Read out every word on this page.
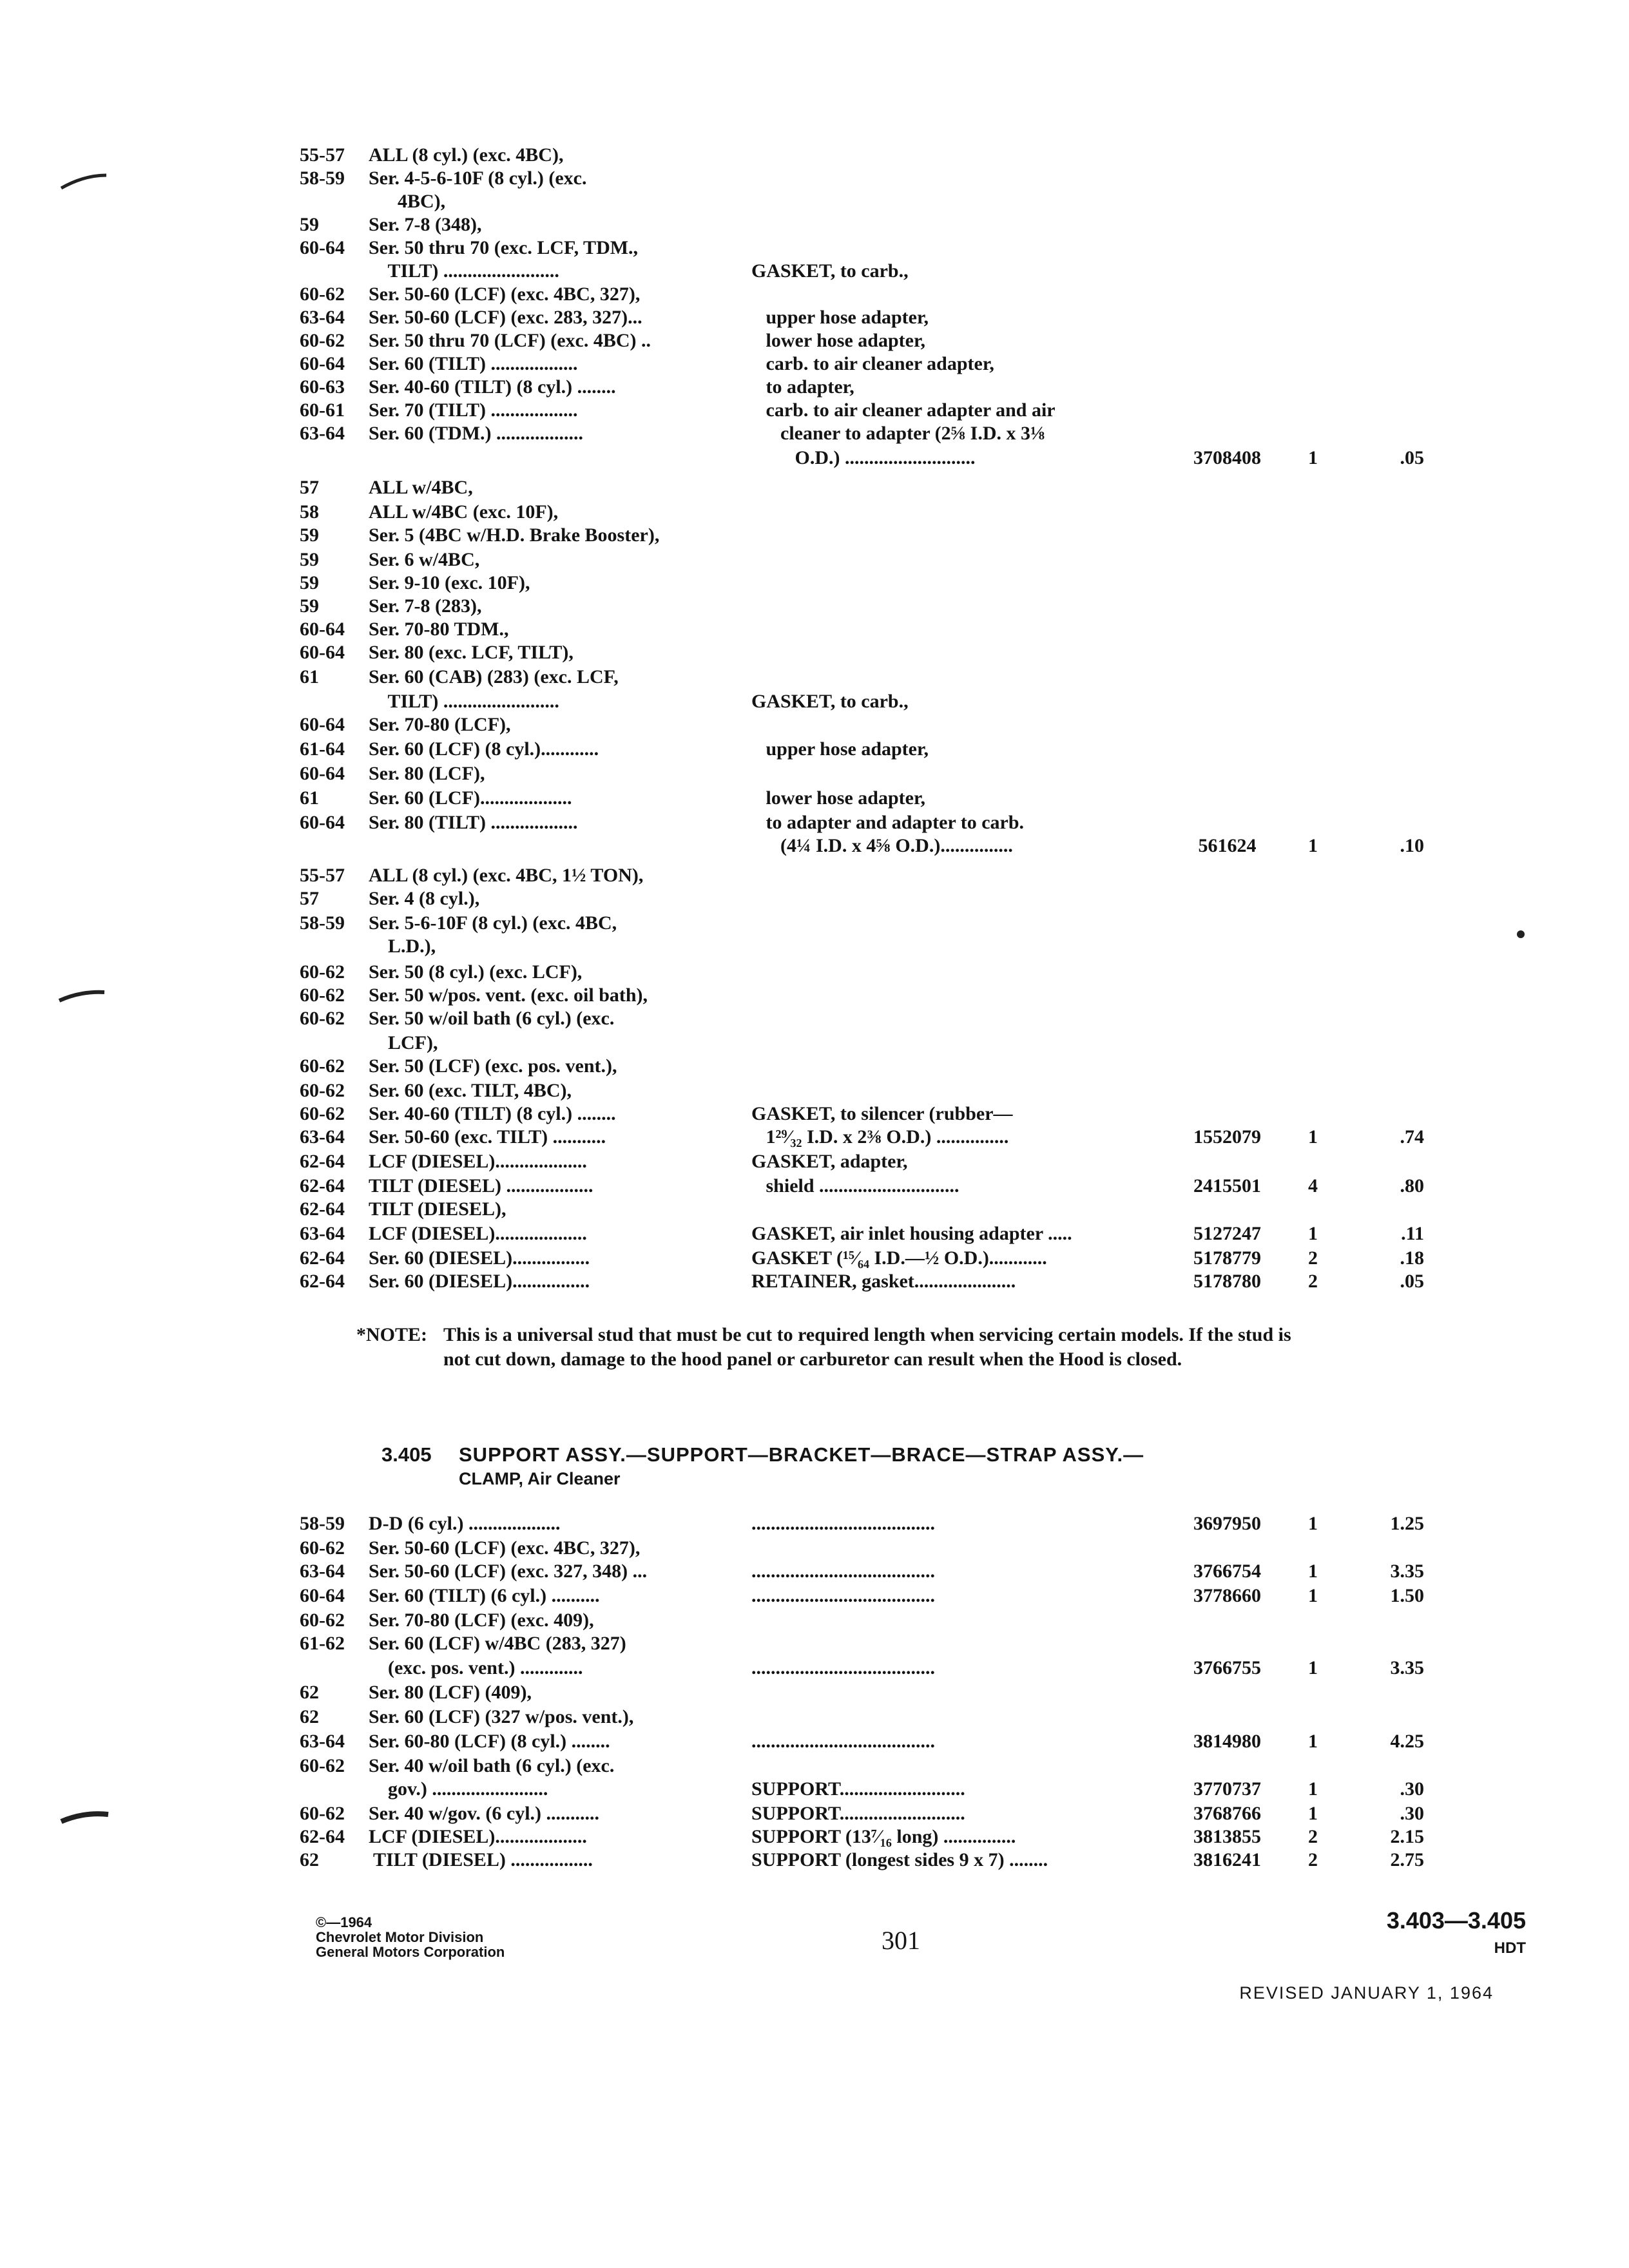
55-57 ALL (8 cyl.) (exc. 4BC),
58-59 Ser. 4-5-6-10F (8 cyl.) (exc.
4BC),
59	Ser. 7-8 (348),
60-64 Ser. 50 thru 70 (exc. LCF, TDM.,
TILT) ........................	GASKET, to carb.,
60-62 Ser. 50-60 (LCF) (exc. 4BC, 327),
63-64 Ser. 50-60 (LCF) (exc. 283, 327)...	upper hose adapter,
60-62 Ser. 50 thru 70 (LCF) (exc. 4BC) ..	lower hose adapter,
60-64 Ser. 60 (TILT) ..................	carb. to air cleaner adapter,
60-63 Ser. 40-60 (TILT) (8 cyl.) ........	to adapter,
60-61 Ser. 70 (TILT) ..................	carb. to air cleaner adapter and air
63-64 Ser. 60 (TDM.) ..................	cleaner to adapter (2⅝ I.D. x 3⅛
O.D.) ...........................	3708408 1	.05
57	ALL w/4BC,
58	ALL w/4BC (exc. 10F),
59	Ser. 5 (4BC w/H.D. Brake Booster),
59	Ser. 6 w/4BC,
59	Ser. 9-10 (exc. 10F),
59	Ser. 7-8 (283),
60-64 Ser. 70-80 TDM.,
60-64 Ser. 80 (exc. LCF, TILT),
61	Ser. 60 (CAB) (283) (exc. LCF,
TILT) ........................	GASKET, to carb.,
60-64 Ser. 70-80 (LCF),
61-64 Ser. 60 (LCF) (8 cyl.)............	upper hose adapter,
60-64 Ser. 80 (LCF),
61	Ser. 60 (LCF)...................	lower hose adapter,
60-64 Ser. 80 (TILT) ..................	to adapter and adapter to carb.
(4¼ I.D. x 4⅝ O.D.)...............	561624	1	.10
55-57 ALL (8 cyl.) (exc. 4BC, 1½ TON),
57	Ser. 4 (8 cyl.),
58-59 Ser. 5-6-10F (8 cyl.) (exc. 4BC,
L.D.),
60-62 Ser. 50 (8 cyl.) (exc. LCF),
60-62 Ser. 50 w/pos. vent. (exc. oil bath),
60-62 Ser. 50 w/oil bath (6 cyl.) (exc.
LCF),
60-62 Ser. 50 (LCF) (exc. pos. vent.),
60-62 Ser. 60 (exc. TILT, 4BC),
60-62 Ser. 40-60 (TILT) (8 cyl.) ........	GASKET, to silencer (rubber—
63-64 Ser. 50-60 (exc. TILT) ...........	1²⁹⁄₃₂ I.D. x 2⅜ O.D.) ...............	1552079 1	.74
62-64 LCF (DIESEL)...................	GASKET, adapter,
62-64 TILT (DIESEL) ..................	shield .............................	2415501 4	.80
62-64 TILT (DIESEL),
63-64 LCF (DIESEL)...................	GASKET, air inlet housing adapter .....	5127247 1	.11
62-64 Ser. 60 (DIESEL)................	GASKET (¹⁵⁄₆₄ I.D.—½ O.D.)............	5178779 2	.18
62-64 Ser. 60 (DIESEL)................	RETAINER, gasket.....................	5178780 2	.05
*NOTE: This is a universal stud that must be cut to required length when servicing certain models. If the stud is not cut down, damage to the hood panel or carburetor can result when the Hood is closed.
3.405 SUPPORT ASSY.—SUPPORT—BRACKET—BRACE—STRAP ASSY.—
CLAMP, Air Cleaner
58-59 D-D (6 cyl.) ...................	......................................	3697950 1	1.25
60-62 Ser. 50-60 (LCF) (exc. 4BC, 327),
63-64 Ser. 50-60 (LCF) (exc. 327, 348) ...	......................................	3766754 1	3.35
60-64 Ser. 60 (TILT) (6 cyl.) ..........	......................................	3778660 1	1.50
60-62 Ser. 70-80 (LCF) (exc. 409),
61-62 Ser. 60 (LCF) w/4BC (283, 327)
(exc. pos. vent.) .............	......................................	3766755 1	3.35
62	Ser. 80 (LCF) (409),
62	Ser. 60 (LCF) (327 w/pos. vent.),
63-64 Ser. 60-80 (LCF) (8 cyl.) ........	......................................	3814980 1	4.25
60-62 Ser. 40 w/oil bath (6 cyl.) (exc.
gov.) ........................	SUPPORT..........................	3770737 1	.30
60-62 Ser. 40 w/gov. (6 cyl.) ...........	SUPPORT..........................	3768766 1	.30
62-64 LCF (DIESEL)...................	SUPPORT (13⁷⁄₁₆ long) ...............	3813855 2	2.15
62	TILT (DIESEL) .................	SUPPORT (longest sides 9 x 7) ........	3816241 2	2.75
©—1964
Chevrolet Motor Division
General Motors Corporation	301
3.403—3.405
HDT
REVISED JANUARY 1, 1964
